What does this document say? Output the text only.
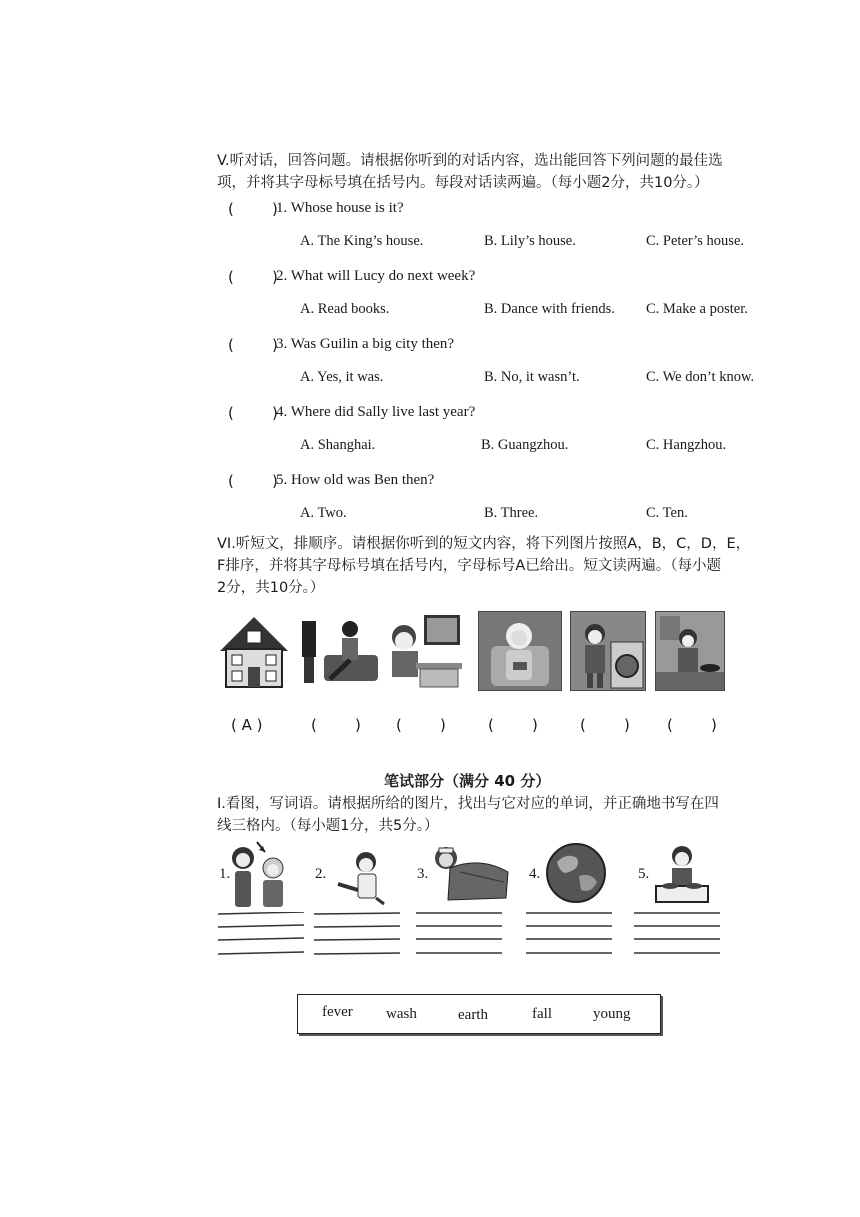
V.听对话，回答问题。请根据你听到的对话内容，选出能回答下列问题的最佳选
项，并将其字母标号填在括号内。每段对话读两遍。（每小题2分，共10分。）
(        )
1. Whose house is it?
A. The King’s house.	B. Lily’s house.	C. Peter’s house.
(        )
2. What will Lucy do next week?
A. Read books.	B. Dance with friends. C. Make a poster.
(        )
3. Was Guilin a big city then?
A. Yes, it was.	B. No, it wasn’t.	C. We don’t know.
(        )
4. Where did Sally live last year?
A. Shanghai.	B. Guangzhou.	C. Hangzhou.
(        )
5. How old was Ben then?
A. Two.	B. Three.	C. Ten.
VI.听短文，排顺序。请根据你听到的短文内容，将下列图片按照A，B，C，D，E，
F排序，并将其字母标号填在括号内，字母标号A已给出。短文读两遍。（每小题
2分，共10分。）
( A )	(        ) (        )	(        )	(        ) (        )
笔试部分（满分 40 分）
I.看图，写词语。请根据所给的图片，找出与它对应的单词，并正确地书写在四
线三格内。（每小题1分，共5分。）
1.	2.	3.	4.	5.
fever wash	earth	fall	young
